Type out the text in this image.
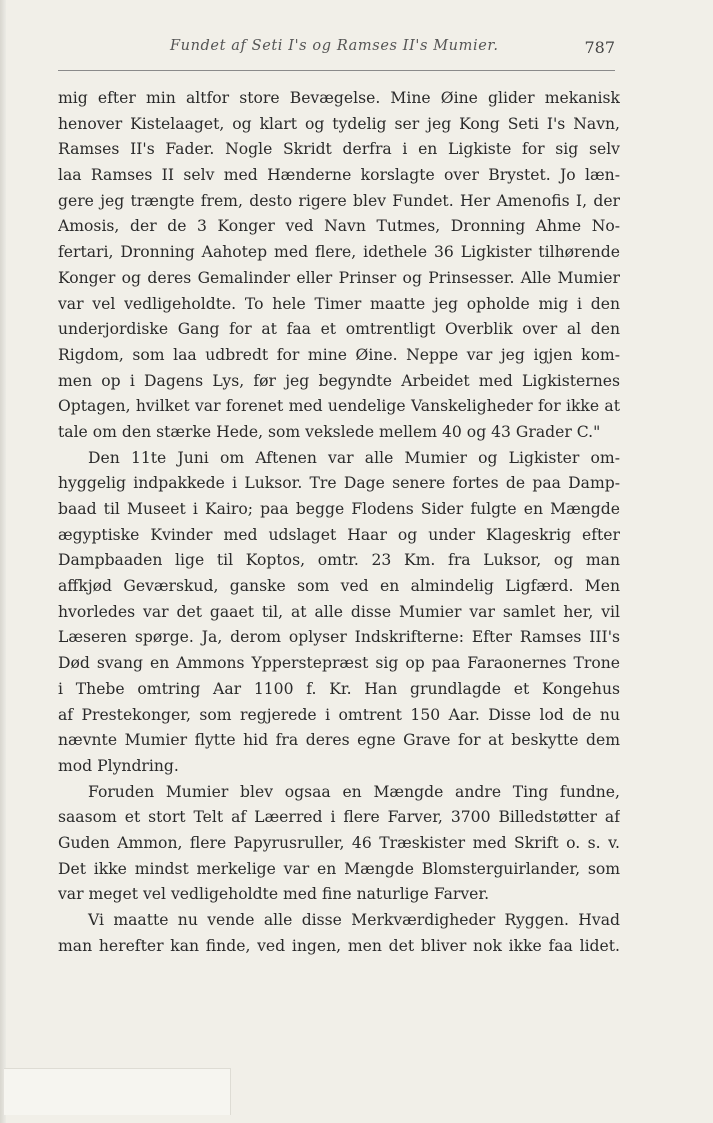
Fundet af Seti I's og Ramses II's Mumier.	787
mig efter min altfor store Bevægelse. Mine Øine glider mekanisk
henover Kistelaaget, og klart og tydelig ser jeg Kong Seti I's Navn,
Ramses II's Fader. Nogle Skridt derfra i en Ligkiste for sig selv
laa Ramses II selv med Hænderne korslagte over Brystet. Jo læn-
gere jeg trængte frem, desto rigere blev Fundet. Her Amenofis I, der
Amosis, der de 3 Konger ved Navn Tutmes, Dronning Ahme No-
fertari, Dronning Aahotep med flere, idethele 36 Ligkister tilhørende
Konger og deres Gemalinder eller Prinser og Prinsesser. Alle Mumier
var vel vedligeholdte. To hele Timer maatte jeg opholde mig i den
underjordiske Gang for at faa et omtrentligt Overblik over al den
Rigdom, som laa udbredt for mine Øine. Neppe var jeg igjen kom-
men op i Dagens Lys, før jeg begyndte Arbeidet med Ligkisternes
Optagen, hvilket var forenet med uendelige Vanskeligheder for ikke at
tale om den stærke Hede, som vekslede mellem 40 og 43 Grader C."
Den 11te Juni om Aftenen var alle Mumier og Ligkister om-
hyggelig indpakkede i Luksor. Tre Dage senere fortes de paa Damp-
baad til Museet i Kairo; paa begge Flodens Sider fulgte en Mængde
ægyptiske Kvinder med udslaget Haar og under Klageskrig efter
Dampbaaden lige til Koptos, omtr. 23 Km. fra Luksor, og man
affkjød Geværskud, ganske som ved en almindelig Ligfærd. Men
hvorledes var det gaaet til, at alle disse Mumier var samlet her, vil
Læseren spørge. Ja, derom oplyser Indskrifterne: Efter Ramses III's
Død svang en Ammons Ypperstepræst sig op paa Faraonernes Trone
i Thebe omtring Aar 1100 f. Kr. Han grundlagde et Kongehus
af Prestekonger, som regjerede i omtrent 150 Aar. Disse lod de nu
nævnte Mumier flytte hid fra deres egne Grave for at beskytte dem
mod Plyndring.
Foruden Mumier blev ogsaa en Mængde andre Ting fundne,
saasom et stort Telt af Læerred i flere Farver, 3700 Billedstøtter af
Guden Ammon, flere Papyrusruller, 46 Træskister med Skrift o. s. v.
Det ikke mindst merkelige var en Mængde Blomsterguirlander, som
var meget vel vedligeholdte med fine naturlige Farver.
Vi maatte nu vende alle disse Merkværdigheder Ryggen. Hvad
man herefter kan finde, ved ingen, men det bliver nok ikke faa lidet.
